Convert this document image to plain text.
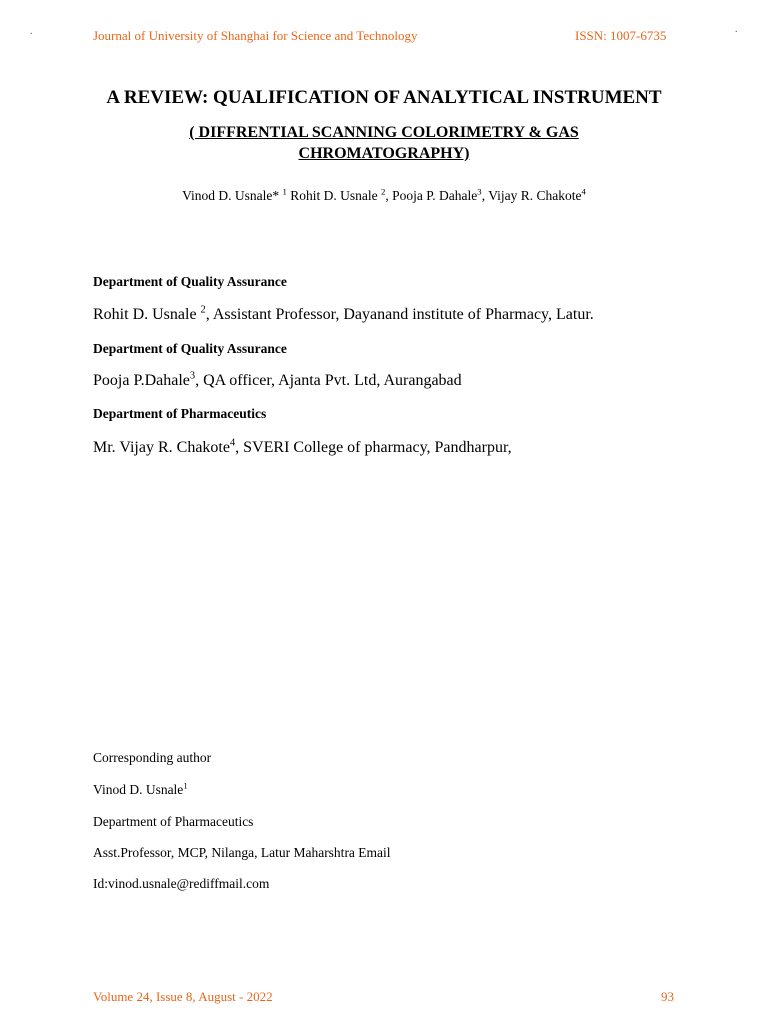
.	.
Journal of University of Shanghai for Science and Technology	ISSN: 1007-6735
A REVIEW: QUALIFICATION OF ANALYTICAL INSTRUMENT
( DIFFRENTIAL SCANNING COLORIMETRY & GAS
CHROMATOGRAPHY)
Vinod D. Usnale* $^1$ Rohit D. Usnale $^2$, Pooja P. Dahale$^3$, Vijay R. Chakote$^4$
Department of Quality Assurance
Rohit D. Usnale $^2$, Assistant Professor, Dayanand institute of Pharmacy, Latur.
Department of Quality Assurance
Pooja P.Dahale$^3$, QA officer, Ajanta Pvt. Ltd, Aurangabad
Department of Pharmaceutics
Mr. Vijay R. Chakote$^4$, SVERI College of pharmacy, Pandharpur,
Corresponding author
Vinod D. Usnale$^1$
Department of Pharmaceutics
Asst.Professor, MCP, Nilanga, Latur Maharshtra Email
Id:vinod.usnale@rediffmail.com
Volume 24, Issue 8, August - 2022	93
